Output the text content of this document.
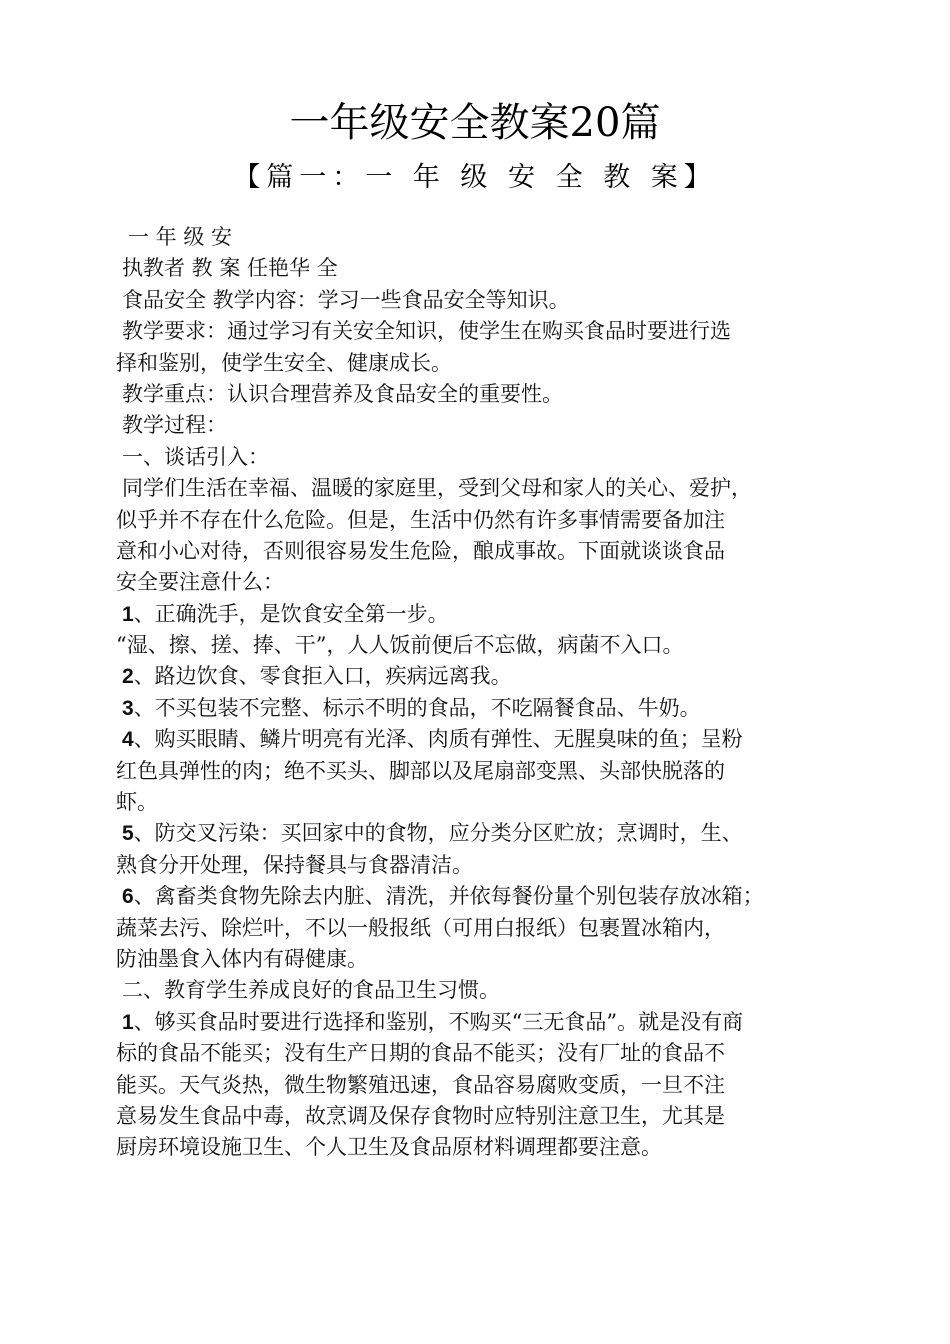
一年级安全教案20篇
【篇一：一 年 级 安 全 教 案】
一 年 级 安
执教者 教 案 任艳华 全
食品安全 教学内容：学习一些食品安全等知识。
教学要求：通过学习有关安全知识，使学生在购买食品时要进行选
择和鉴别，使学生安全、健康成长。
教学重点：认识合理营养及食品安全的重要性。
教学过程：
一、谈话引入：
同学们生活在幸福、温暖的家庭里，受到父母和家人的关心、爱护，
似乎并不存在什么危险。但是，生活中仍然有许多事情需要备加注
意和小心对待，否则很容易发生危险，酿成事故。下面就谈谈食品
安全要注意什么：
1、正确洗手，是饮食安全第一步。
“湿、擦、搓、捧、干”，人人饭前便后不忘做，病菌不入口。
2、路边饮食、零食拒入口，疾病远离我。
3、不买包装不完整、标示不明的食品，不吃隔餐食品、牛奶。
4、购买眼睛、鳞片明亮有光泽、肉质有弹性、无腥臭味的鱼；呈粉
红色具弹性的肉；绝不买头、脚部以及尾扇部变黑、头部快脱落的
虾。
5、防交叉污染：买回家中的食物，应分类分区贮放；烹调时，生、
熟食分开处理，保持餐具与食器清洁。
6、禽畜类食物先除去内脏、清洗，并依每餐份量个别包装存放冰箱；
蔬菜去污、除烂叶，不以一般报纸（可用白报纸）包裹置冰箱内，
防油墨食入体内有碍健康。
二、教育学生养成良好的食品卫生习惯。
1、够买食品时要进行选择和鉴别，不购买“三无食品”。就是没有商
标的食品不能买；没有生产日期的食品不能买；没有厂址的食品不
能买。天气炎热，微生物繁殖迅速，食品容易腐败变质，一旦不注
意易发生食品中毒，故烹调及保存食物时应特别注意卫生，尤其是
厨房环境设施卫生、个人卫生及食品原材料调理都要注意。
